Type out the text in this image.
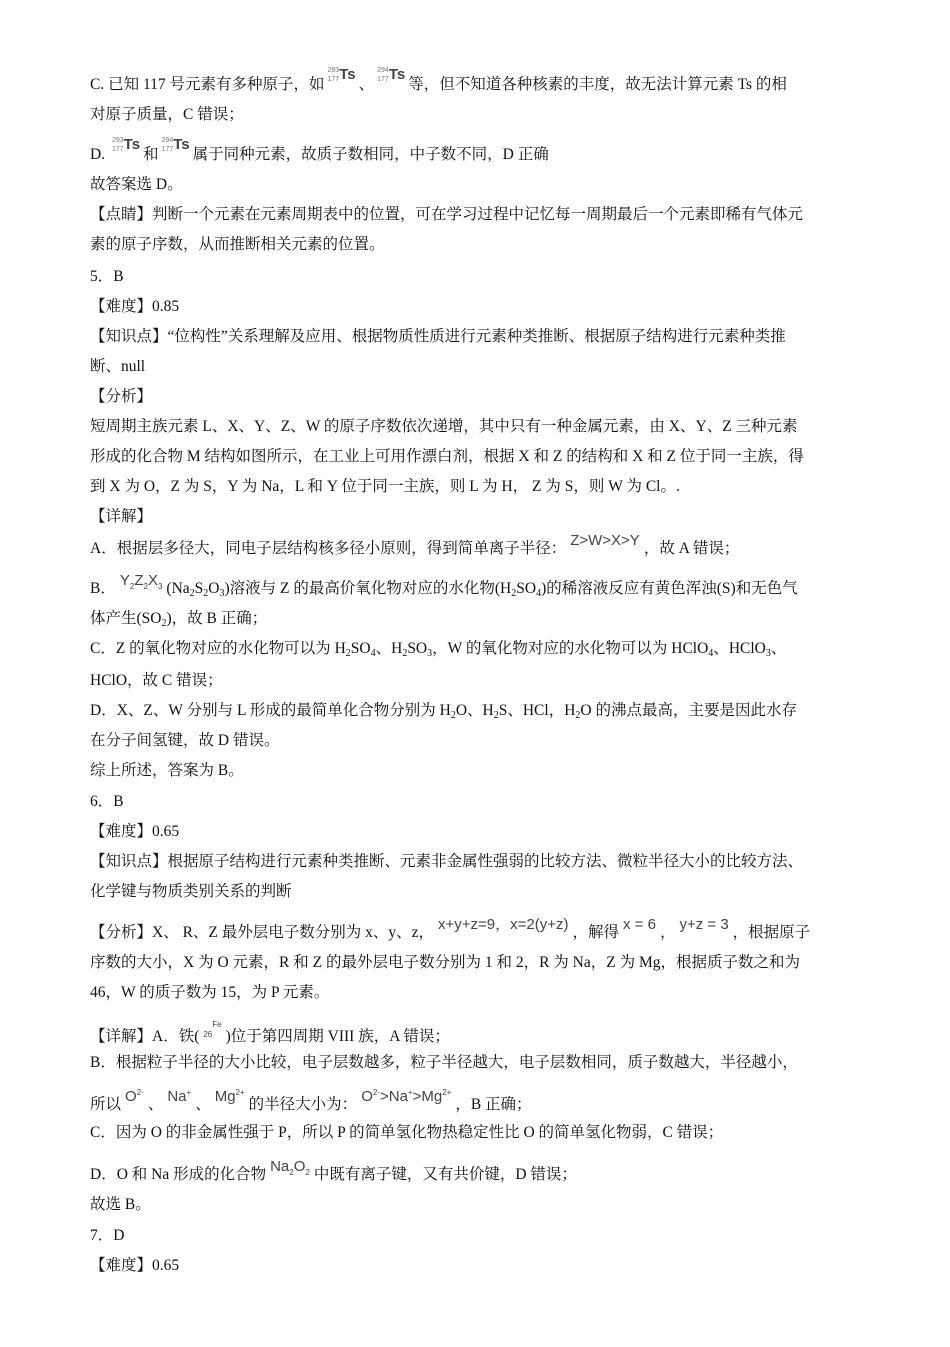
C. 已知 117 号元素有多种原子，如293
177Ts、294
177Ts等，但不知道各种核素的丰度，故无法计算元素 Ts 的相
对原子质量，C 错误；
D. 293
177Ts和294
177Ts属于同种元素，故质子数相同，中子数不同，D 正确
故答案选 D。
【点睛】判断一个元素在元素周期表中的位置，可在学习过程中记忆每一周期最后一个元素即稀有气体元
素的原子序数，从而推断相关元素的位置。
5．B
【难度】0.85
【知识点】“位构性”关系理解及应用、根据物质性质进行元素种类推断、根据原子结构进行元素种类推
断、null
【分析】
短周期主族元素 L、X、Y、Z、W 的原子序数依次递增，其中只有一种金属元素，由 X、Y、Z 三种元素
形成的化合物 M 结构如图所示，在工业上可用作漂白剂，根据 X 和 Z 的结构和 X 和 Z 位于同一主族，得
到 X 为 O，Z 为 S，Y 为 Na，L 和 Y 位于同一主族，则 L 为 H， Z 为 S，则 W 为 Cl。.
【详解】
A．根据层多径大，同电子层结构核多径小原则，得到简单离子半径： Z>W>X>Y ，故 A 错误；
B． $Y_2Z_2X_3$ $(Na_2S_2O_3)$溶液与 Z 的最高价氧化物对应的水化物$(H_2SO_4)$的稀溶液反应有黄色浑浊(S)和无色气
体产生$(SO_2)$，故 B 正确；
C．Z 的氧化物对应的水化物可以为 $H_2SO_4$、$H_2SO_3$，W 的氧化物对应的水化物可以为 HClO$_4$、HClO$_3$、
HClO，故 C 错误；
D．X、Z、W 分别与 L 形成的最简单化合物分别为 $H_2O$、$H_2S$、HCl，$H_2O$ 的沸点最高，主要是因此水存
在分子间氢键，故 D 错误。
综上所述，答案为 B。
6．B
【难度】0.65
【知识点】根据原子结构进行元素种类推断、元素非金属性强弱的比较方法、微粒半径大小的比较方法、
化学键与物质类别关系的判断
【分析】X、 R、Z 最外层电子数分别为 x、y、z， x+y+z=9，x=2(y+z) ，解得 x = 6 ， y+z = 3 ，根据原子
序数的大小，X 为 O 元素，R 和 Z 的最外层电子数分别为 1 和 2，R 为 Na，Z 为 Mg，根据质子数之和为
46，W 的质子数为 15，为 P 元素。
【详解】A．铁( $_{26}^{Fe}$)位于第四周期 VIII 族，A 错误；
B．根据粒子半径的大小比较，电子层数越多，粒子半径越大，电子层数相同，质子数越大，半径越小，
所以 $O^{2-}$、 Na+、 $Mg^{2+}$的半径大小为： $O^{2-}>Na^+>Mg^{2+}$，B 正确；
C．因为 O 的非金属性强于 P，所以 P 的简单氢化物热稳定性比 O 的简单氢化物弱，C 错误；
D．O 和 Na 形成的化合物 $Na_2O_2$ 中既有离子键，又有共价键，D 错误；
故选 B。
7．D
【难度】0.65
